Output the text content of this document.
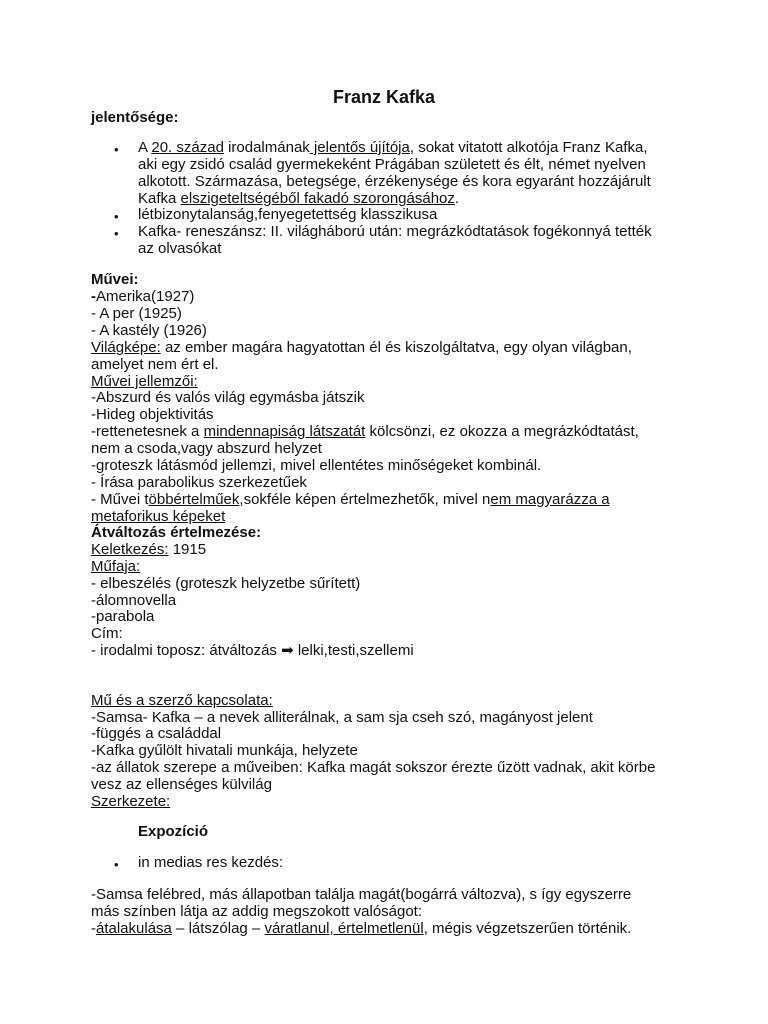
Franz Kafka
jelentősége:
• A 20. század irodalmának jelentős újítója, sokat vitatott alkotója Franz Kafka,
aki egy zsidó család gyermekeként Prágában született és élt, német nyelven
alkotott. Származása, betegsége, érzékenysége és kora egyaránt hozzájárult
Kafka elszigeteltségéből fakadó szorongásához.
• létbizonytalanság,fenyegetettség klasszikusa
• Kafka- reneszánsz: II. világháború után: megrázkódtatások fogékonnyá tették
az olvasókat
Művei:
-Amerika(1927)
- A per (1925)
- A kastély (1926)
Világképe: az ember magára hagyatottan él és kiszolgáltatva, egy olyan világban,
amelyet nem ért el.
Művei jellemzői:
-Abszurd és valós világ egymásba játszik
-Hideg objektivitás
-rettenetesnek a mindennapiság látszatát kölcsönzi, ez okozza a megrázkódtatást,
nem a csoda,vagy abszurd helyzet
-groteszk látásmód jellemzi, mivel ellentétes minőségeket kombinál.
- Írása parabolikus szerkezetűek
- Művei többértelműek,sokféle képen értelmezhetők, mivel nem magyarázza a
metaforikus képeket
Átváltozás értelmezése:
Keletkezés: 1915
Műfaja:
- elbeszélés (groteszk helyzetbe sűrített)
-álomnovella
-parabola
Cím:
- irodalmi toposz: átváltozás ➡ lelki,testi,szellemi
Mű és a szerző kapcsolata:
-Samsa- Kafka – a nevek alliterálnak, a sam sja cseh szó, magányost jelent
-függés a családdal
-Kafka gyűlölt hivatali munkája, helyzete
-az állatok szerepe a műveiben: Kafka magát sokszor érezte űzött vadnak, akit körbe
vesz az ellenséges külvilág
Szerkezete:
Expozíció
• in medias res kezdés:
-Samsa felébred, más állapotban találja magát(bogárrá változva), s így egyszerre
más színben látja az addig megszokott valóságot:
-átalakulása – látszólag – váratlanul, értelmetlenül, mégis végzetszerűen történik.
